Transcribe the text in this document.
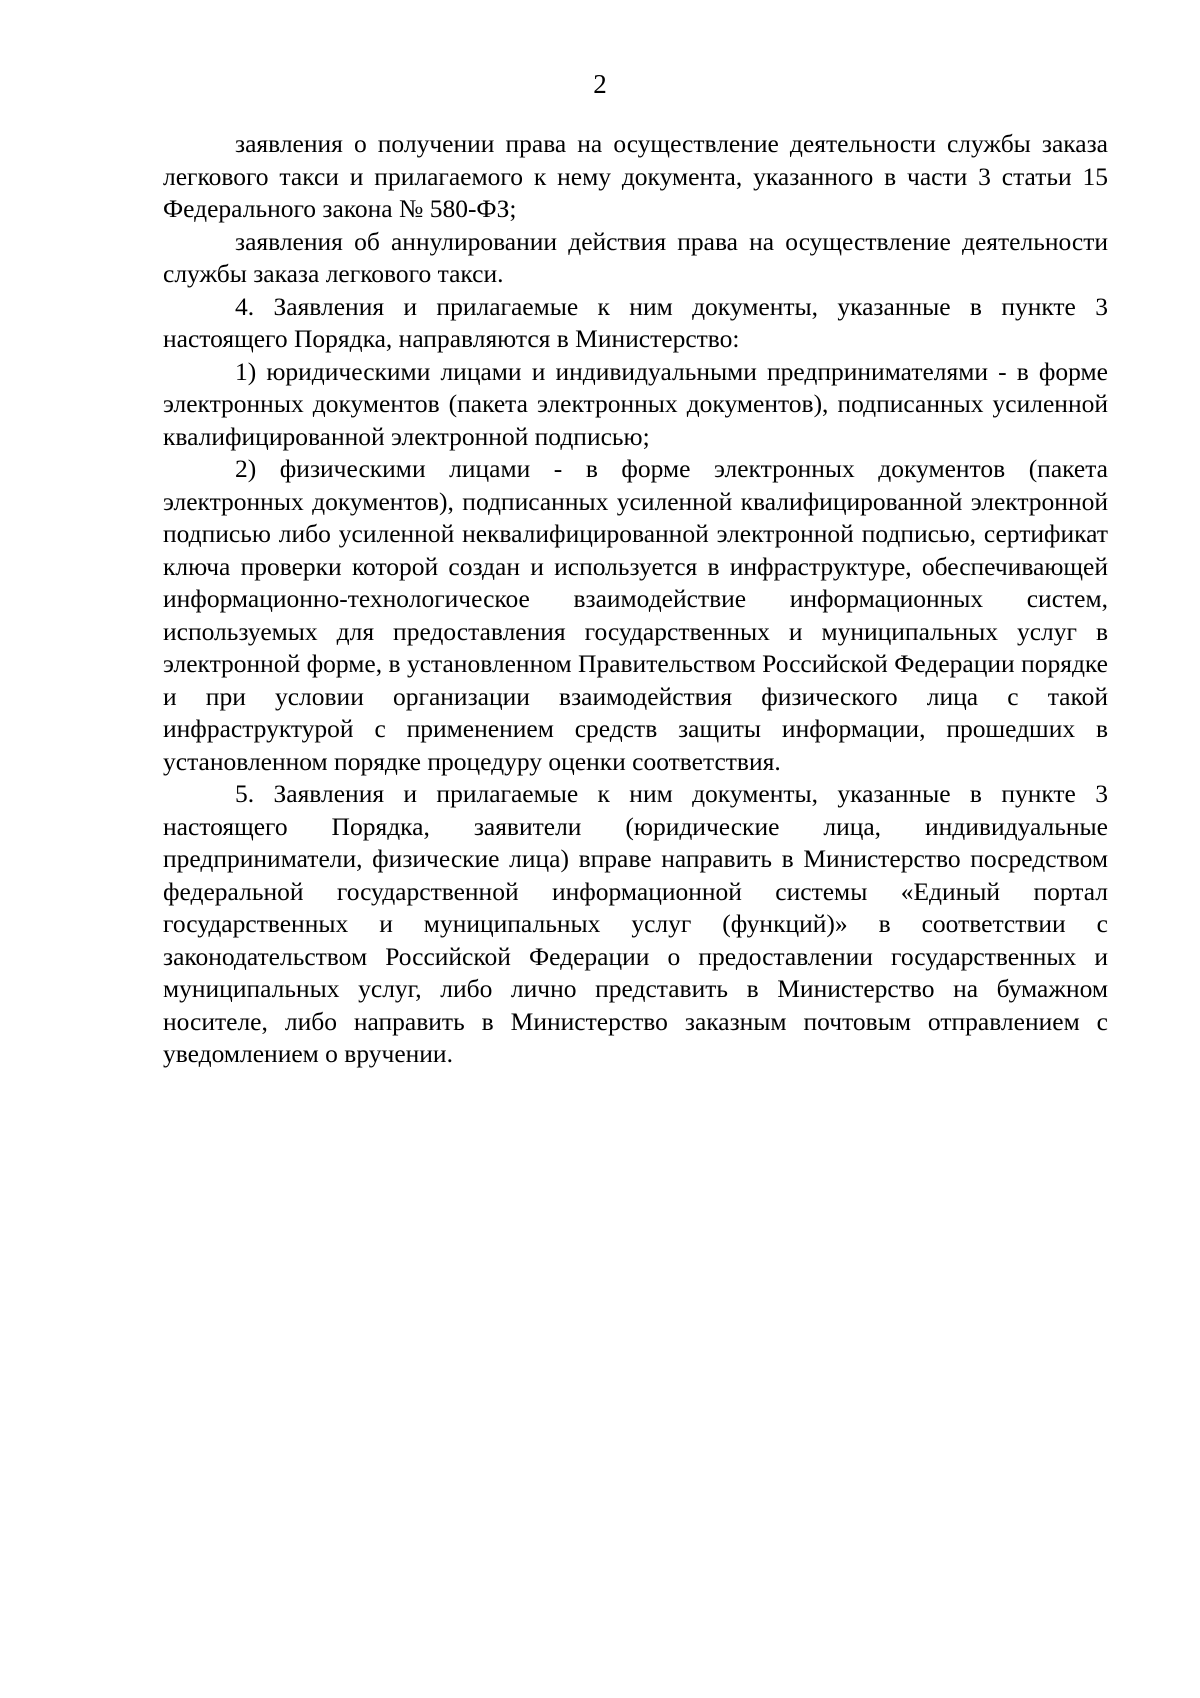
2

заявления о получении права на осуществление деятельности службы заказа легкового такси и прилагаемого к нему документа, указанного в части 3 статьи 15 Федерального закона № 580-ФЗ;

заявления об аннулировании действия права на осуществление деятельности службы заказа легкового такси.

4. Заявления и прилагаемые к ним документы, указанные в пункте 3 настоящего Порядка, направляются в Министерство:

1) юридическими лицами и индивидуальными предпринимателями - в форме электронных документов (пакета электронных документов), подписанных усиленной квалифицированной электронной подписью;

2) физическими лицами - в форме электронных документов (пакета электронных документов), подписанных усиленной квалифицированной электронной подписью либо усиленной неквалифицированной электронной подписью, сертификат ключа проверки которой создан и используется в инфраструктуре, обеспечивающей информационно-технологическое взаимодействие информационных систем, используемых для предоставления государственных и муниципальных услуг в электронной форме, в установленном Правительством Российской Федерации порядке и при условии организации взаимодействия физического лица с такой инфраструктурой с применением средств защиты информации, прошедших в установленном порядке процедуру оценки соответствия.

5. Заявления и прилагаемые к ним документы, указанные в пункте 3 настоящего Порядка, заявители (юридические лица, индивидуальные предприниматели, физические лица) вправе направить в Министерство посредством федеральной государственной информационной системы «Единый портал государственных и муниципальных услуг (функций)» в соответствии с законодательством Российской Федерации о предоставлении государственных и муниципальных услуг, либо лично представить в Министерство на бумажном носителе, либо направить в Министерство заказным почтовым отправлением с уведомлением о вручении.
